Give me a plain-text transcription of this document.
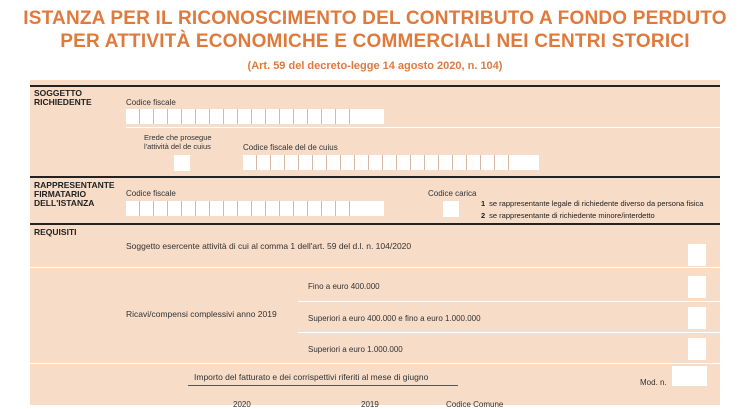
ISTANZA PER IL RICONOSCIMENTO DEL CONTRIBUTO A FONDO PERDUTO
PER ATTIVITÀ ECONOMICHE E COMMERCIALI NEI CENTRI STORICI
(Art. 59 del decreto-legge 14 agosto 2020, n. 104)
SOGGETTO RICHIEDENTE	Codice fiscale
Erede che prosegue l'attività del de cuius	Codice fiscale del de cuius
RAPPRESENTANTE FIRMATARIO DELL'ISTANZA
Codice fiscale	Codice carica
1 se rappresentante legale di richiedente diverso da persona fisica
2 se rappresentante di richiedente minore/interdetto
REQUISITI
Soggetto esercente attività di cui al comma 1 dell'art. 59 del d.l. n. 104/2020
Ricavi/compensi complessivi anno 2019
Fino a euro 400.000
Superiori a euro 400.000 e fino a euro 1.000.000
Superiori a euro 1.000.000
Importo del fatturato e dei corrispettivi riferiti al mese di giugno
Mod. n.
2020	2019	Codice Comune
